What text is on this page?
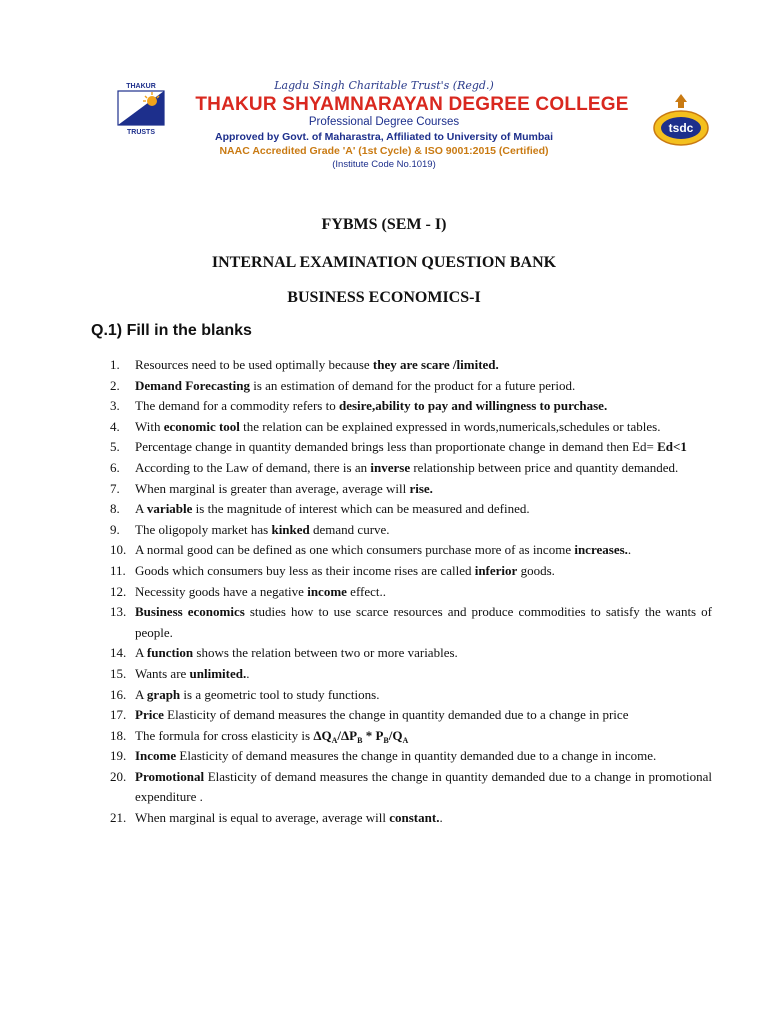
THAKUR
TRUSTS
Lagdu Singh Charitable Trust's (Regd.)
THAKUR SHYAMNARAYAN DEGREE COLLEGE
Professional Degree Courses
Approved by Govt. of Maharastra, Affiliated to University of Mumbai
NAAC Accredited Grade 'A' (1st Cycle) & ISO 9001:2015 (Certified)
(Institute Code No.1019)
tsdc
FYBMS (SEM - I)
INTERNAL EXAMINATION QUESTION BANK
BUSINESS ECONOMICS-I
Q.1) Fill in the blanks
1. Resources need to be used optimally because they are scare /limited.
2. Demand Forecasting is an estimation of demand for the product for a future period.
3. The demand for a commodity refers to desire,ability to pay and willingness to purchase.
4. With economic tool the relation can be explained expressed in words,numericals,schedules or tables.
5. Percentage change in quantity demanded brings less than proportionate change in demand then Ed= Ed<1
6. According to the Law of demand, there is an inverse relationship between price and quantity demanded.
7. When marginal is greater than average, average will rise.
8. A variable is the magnitude of interest which can be measured and defined.
9. The oligopoly market has kinked demand curve.
10. A normal good can be defined as one which consumers purchase more of as income increases..
11. Goods which consumers buy less as their income rises are called inferior goods.
12. Necessity goods have a negative income effect..
13. Business economics studies how to use scarce resources and produce commodities to satisfy the wants of people.
14. A function shows the relation between two or more variables.
15. Wants are unlimited..
16. A graph is a geometric tool to study functions.
17. Price Elasticity of demand measures the change in quantity demanded due to a change in price
18. The formula for cross elasticity is $\Delta Q_A/\Delta P_B * P_B/Q_A$
19. Income Elasticity of demand measures the change in quantity demanded due to a change in income.
20. Promotional Elasticity of demand measures the change in quantity demanded due to a change in promotional expenditure .
21. When marginal is equal to average, average will constant..
